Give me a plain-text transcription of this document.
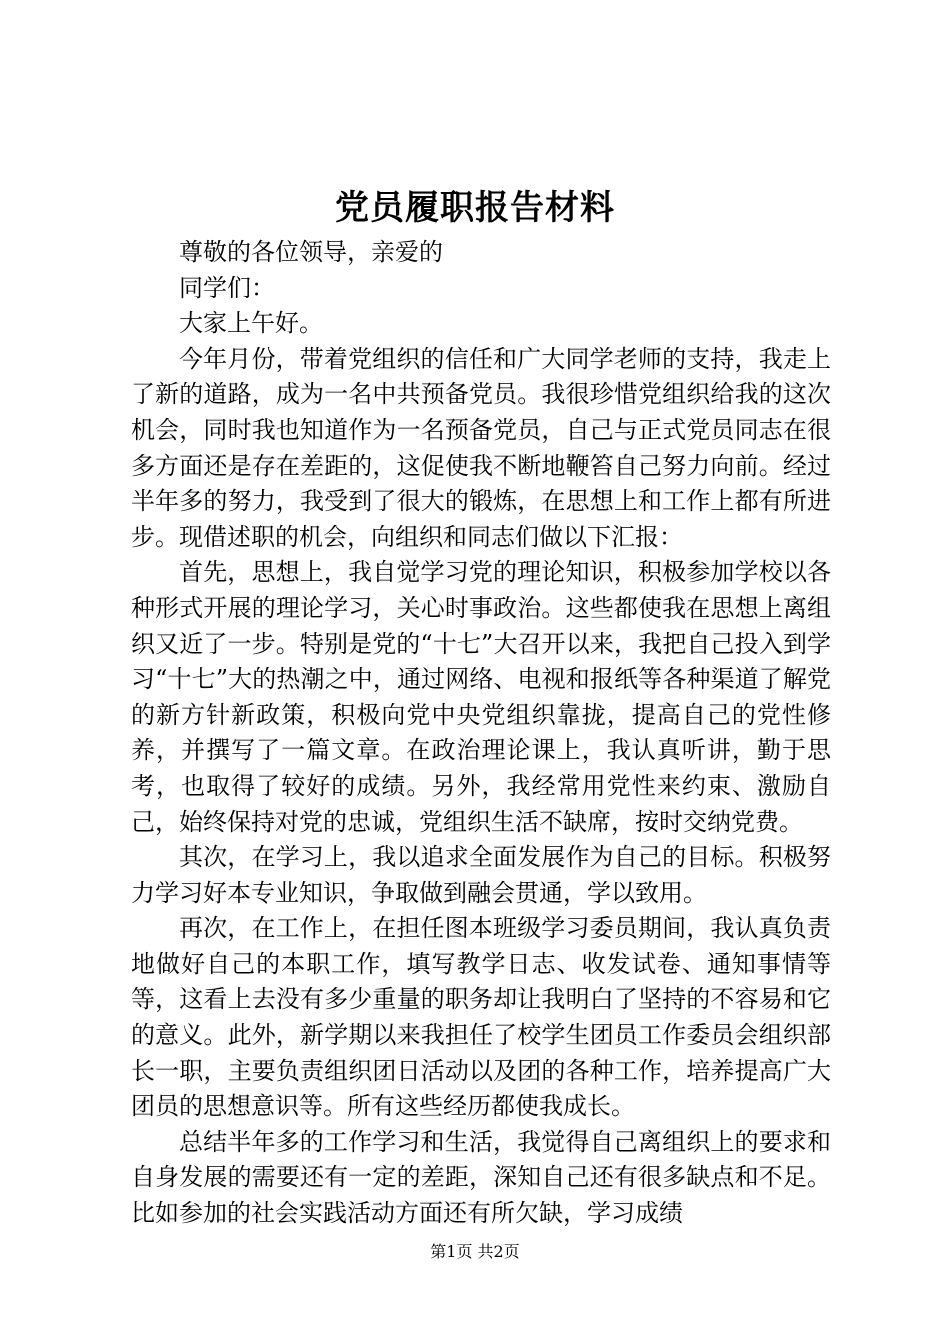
党员履职报告材料

尊敬的各位领导，亲爱的

同学们：

大家上午好。

今年月份，带着党组织的信任和广大同学老师的支持，我走上了新的道路，成为一名中共预备党员。我很珍惜党组织给我的这次机会，同时我也知道作为一名预备党员，自己与正式党员同志在很多方面还是存在差距的，这促使我不断地鞭笞自己努力向前。经过半年多的努力，我受到了很大的锻炼，在思想上和工作上都有所进步。现借述职的机会，向组织和同志们做以下汇报：

首先，思想上，我自觉学习党的理论知识，积极参加学校以各种形式开展的理论学习，关心时事政治。这些都使我在思想上离组织又近了一步。特别是党的“十七”大召开以来，我把自己投入到学习“十七”大的热潮之中，通过网络、电视和报纸等各种渠道了解党的新方针新政策，积极向党中央党组织靠拢，提高自己的党性修养，并撰写了一篇文章。在政治理论课上，我认真听讲，勤于思考，也取得了较好的成绩。另外，我经常用党性来约束、激励自己，始终保持对党的忠诚，党组织生活不缺席，按时交纳党费。

其次，在学习上，我以追求全面发展作为自己的目标。积极努力学习好本专业知识，争取做到融会贯通，学以致用。

再次，在工作上，在担任图本班级学习委员期间，我认真负责地做好自己的本职工作，填写教学日志、收发试卷、通知事情等等，这看上去没有多少重量的职务却让我明白了坚持的不容易和它的意义。此外，新学期以来我担任了校学生团员工作委员会组织部长一职，主要负责组织团日活动以及团的各种工作，培养提高广大团员的思想意识等。所有这些经历都使我成长。

总结半年多的工作学习和生活，我觉得自己离组织上的要求和自身发展的需要还有一定的差距，深知自己还有很多缺点和不足。比如参加的社会实践活动方面还有所欠缺，学习成绩

第1页 共2页
